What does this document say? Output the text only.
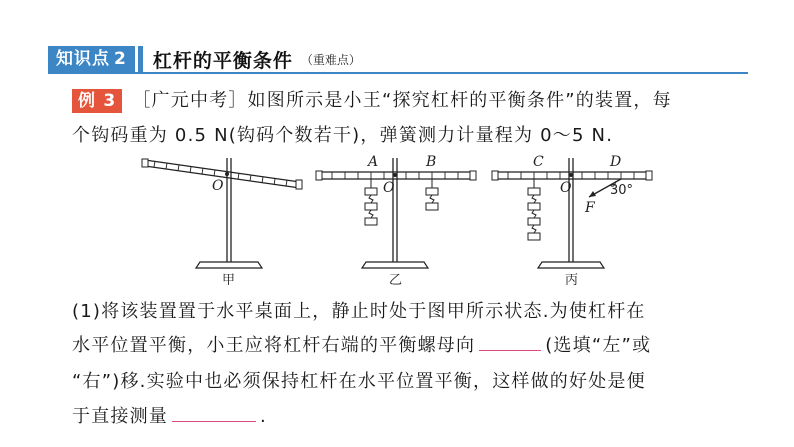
知识点 2	杠杆的平衡条件 （重难点）
例 3 ［广元中考］如图所示是小王“探究杠杆的平衡条件”的装置，每
个钩码重为 0.5 N(钩码个数若干)，弹簧测力计量程为 0～5 N.
O
甲
O
A	B
乙
O
C	D
30°
F
丙
(1)将该装置置于水平桌面上，静止时处于图甲所示状态.为使杠杆在
水平位置平衡，小王应将杠杆右端的平衡螺母向	(选填“左”或
“右”)移.实验中也必须保持杠杆在水平位置平衡，这样做的好处是便
于直接测量	.
